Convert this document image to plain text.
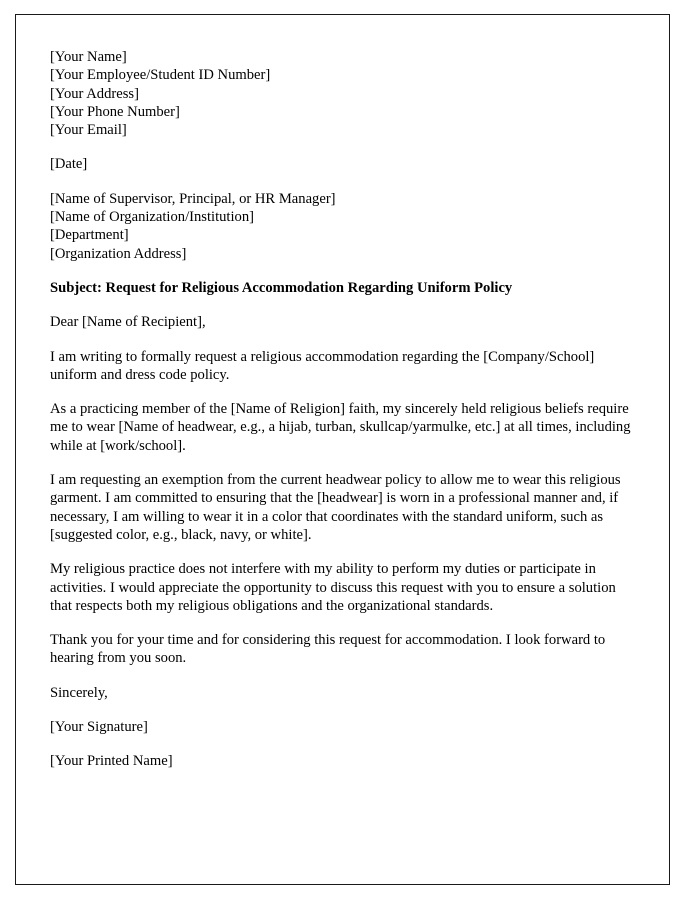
[Your Name]
[Your Employee/Student ID Number]
[Your Address]
[Your Phone Number]
[Your Email]
[Date]
[Name of Supervisor, Principal, or HR Manager]
[Name of Organization/Institution]
[Department]
[Organization Address]
Subject: Request for Religious Accommodation Regarding Uniform Policy
Dear [Name of Recipient],

I am writing to formally request a religious accommodation regarding the [Company/School] uniform and dress code policy.

As a practicing member of the [Name of Religion] faith, my sincerely held religious beliefs require me to wear [Name of headwear, e.g., a hijab, turban, skullcap/yarmulke, etc.] at all times, including while at [work/school].

I am requesting an exemption from the current headwear policy to allow me to wear this religious garment. I am committed to ensuring that the [headwear] is worn in a professional manner and, if necessary, I am willing to wear it in a color that coordinates with the standard uniform, such as [suggested color, e.g., black, navy, or white].

My religious practice does not interfere with my ability to perform my duties or participate in activities. I would appreciate the opportunity to discuss this request with you to ensure a solution that respects both my religious obligations and the organizational standards.

Thank you for your time and for considering this request for accommodation. I look forward to hearing from you soon.

Sincerely,
[Your Signature]
[Your Printed Name]
